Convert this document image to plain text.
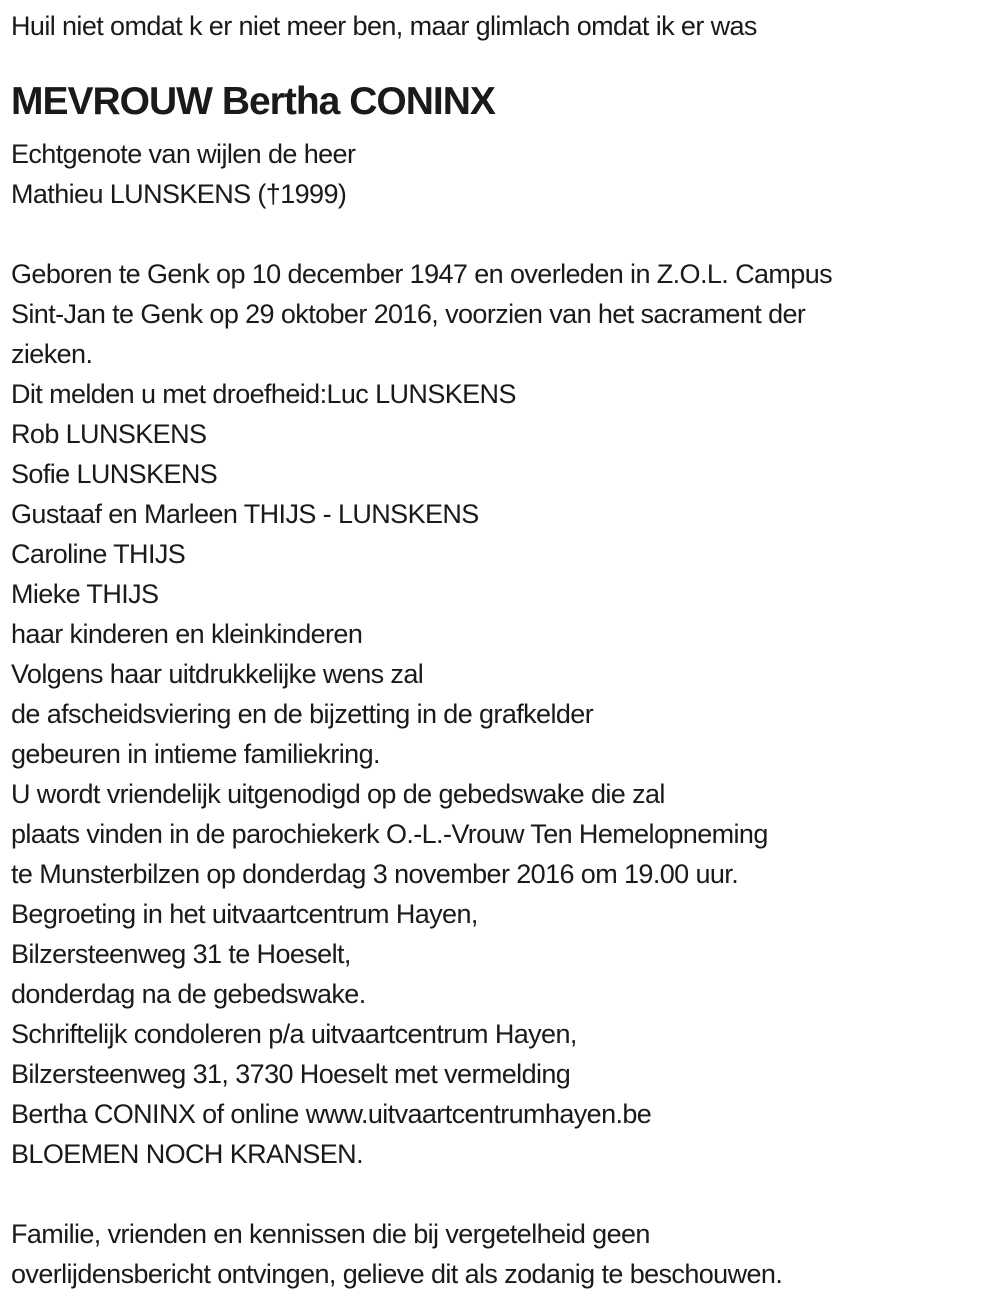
Huil niet omdat k er niet meer ben, maar glimlach omdat ik er was
MEVROUW Bertha CONINX
Echtgenote van wijlen de heer
Mathieu LUNSKENS (†1999)
Geboren te Genk op 10 december 1947 en overleden in Z.O.L. Campus
Sint-Jan te Genk op 29 oktober 2016, voorzien van het sacrament der
zieken.
Dit melden u met droefheid:Luc LUNSKENS
Rob LUNSKENS
Sofie LUNSKENS
Gustaaf en Marleen THIJS - LUNSKENS
Caroline THIJS
Mieke THIJS
haar kinderen en kleinkinderen
Volgens haar uitdrukkelijke wens zal
de afscheidsviering en de bijzetting in de grafkelder
gebeuren in intieme familiekring.
U wordt vriendelijk uitgenodigd op de gebedswake die zal
plaats vinden in de parochiekerk O.-L.-Vrouw Ten Hemelopneming
te Munsterbilzen op donderdag 3 november 2016 om 19.00 uur.
Begroeting in het uitvaartcentrum Hayen,
Bilzersteenweg 31 te Hoeselt,
donderdag na de gebedswake.
Schriftelijk condoleren p/a uitvaartcentrum Hayen,
Bilzersteenweg 31, 3730 Hoeselt met vermelding
Bertha CONINX of online www.uitvaartcentrumhayen.be
BLOEMEN NOCH KRANSEN.
Familie, vrienden en kennissen die bij vergetelheid geen
overlijdensbericht ontvingen, gelieve dit als zodanig te beschouwen.
